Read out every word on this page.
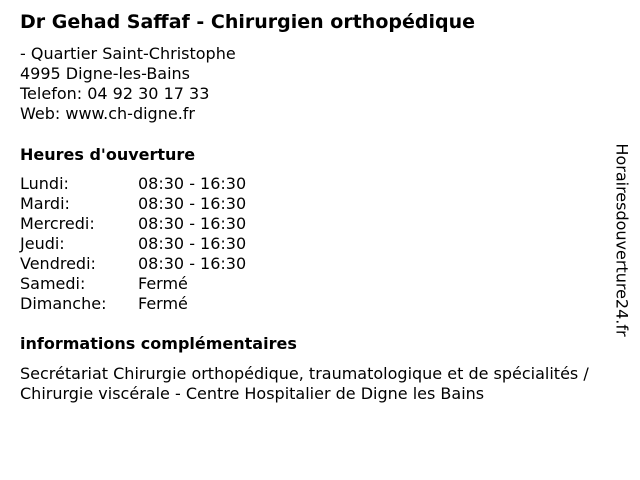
Dr Gehad Saffaf - Chirurgien orthopédique
- Quartier Saint-Christophe
4995 Digne-les-Bains
Telefon: 04 92 30 17 33
Web: www.ch-digne.fr
Heures d'ouverture
Lundi:	08:30 - 16:30
Mardi:	08:30 - 16:30
Mercredi:	08:30 - 16:30
Jeudi:	08:30 - 16:30
Vendredi:	08:30 - 16:30
Samedi:	Fermé
Dimanche:	Fermé
informations complémentaires
Secrétariat Chirurgie orthopédique, traumatologique et de spécialités / Chirurgie viscérale - Centre Hospitalier de Digne les Bains
Horairesdouverture24.fr
